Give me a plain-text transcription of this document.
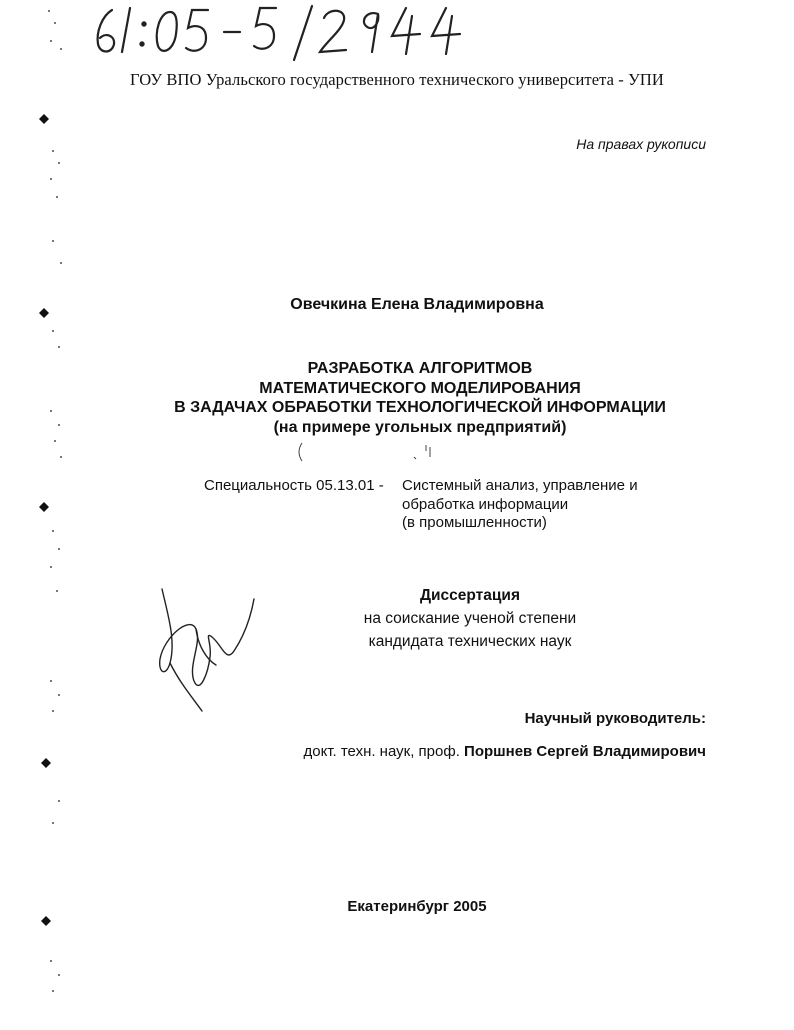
ГОУ ВПО Уральского государственного технического университета - УПИ
На правах рукописи
Овечкина Елена Владимировна
РАЗРАБОТКА АЛГОРИТМОВ
МАТЕМАТИЧЕСКОГО МОДЕЛИРОВАНИЯ
В ЗАДАЧАХ ОБРАБОТКИ ТЕХНОЛОГИЧЕСКОЙ ИНФОРМАЦИИ
(на примере угольных предприятий)
Специальность 05.13.01 - Системный анализ, управление и
обработка информации
(в промышленности)
Диссертация
на соискание ученой степени
кандидата технических наук
Научный руководитель:
докт. техн. наук, проф. Поршнев Сергей Владимирович
Екатеринбург 2005
